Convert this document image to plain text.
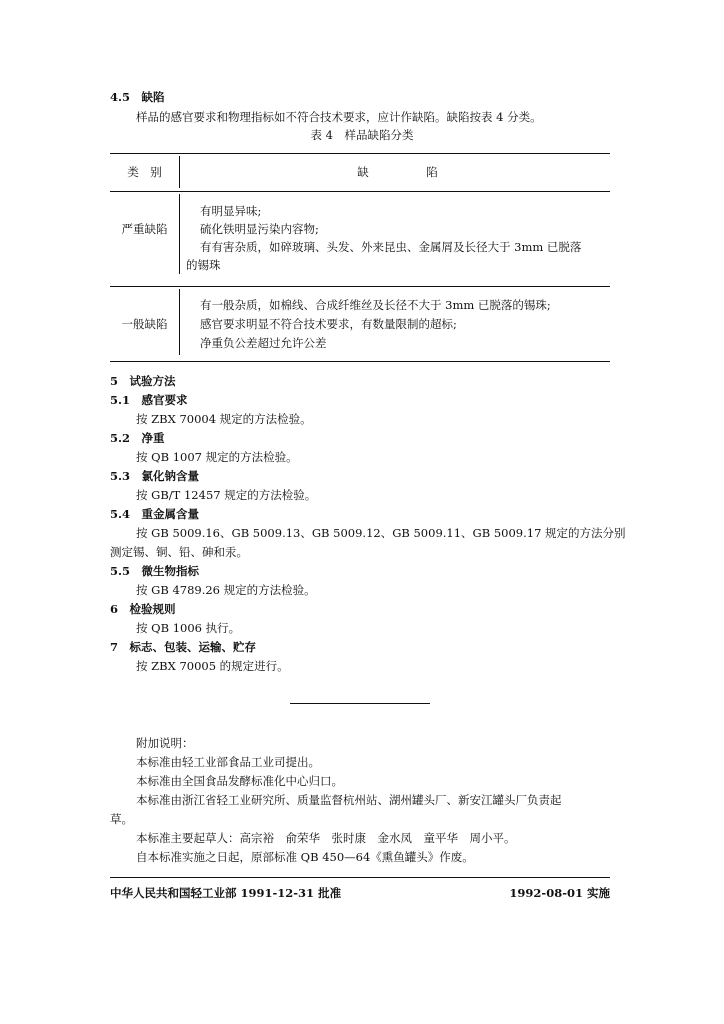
4.5　缺陷
样品的感官要求和物理指标如不符合技术要求，应计作缺陷。缺陷按表 4 分类。
表 4　样品缺陷分类
类　别	缺　　　　　陷
严重缺陷
有明显异味;
硫化铁明显污染内容物;
有有害杂质，如碎玻璃、头发、外来昆虫、金属屑及长径大于 3mm 已脱落
的锡珠
一般缺陷
有一般杂质，如棉线、合成纤维丝及长径不大于 3mm 已脱落的锡珠;
感官要求明显不符合技术要求，有数量限制的超标;
净重负公差超过允许公差
5　试验方法
5.1　感官要求
按 ZBX 70004 规定的方法检验。
5.2　净重
按 QB 1007 规定的方法检验。
5.3　氯化钠含量
按 GB/T 12457 规定的方法检验。
5.4　重金属含量
按 GB 5009.16、GB 5009.13、GB 5009.12、GB 5009.11、GB 5009.17 规定的方法分别
测定锡、铜、铅、砷和汞。
5.5　微生物指标
按 GB 4789.26 规定的方法检验。
6　检验规则
按 QB 1006 执行。
7　标志、包装、运输、贮存
按 ZBX 70005 的规定进行。
附加说明：
本标准由轻工业部食品工业司提出。
本标准由全国食品发酵标准化中心归口。
本标准由浙江省轻工业研究所、质量监督杭州站、湖州罐头厂、新安江罐头厂负责起
草。
本标准主要起草人：高宗裕　俞荣华　张时康　金水凤　童平华　周小平。
自本标准实施之日起，原部标准 QB 450—64《熏鱼罐头》作废。
中华人民共和国轻工业部 1991-12-31 批准	1992-08-01 实施
